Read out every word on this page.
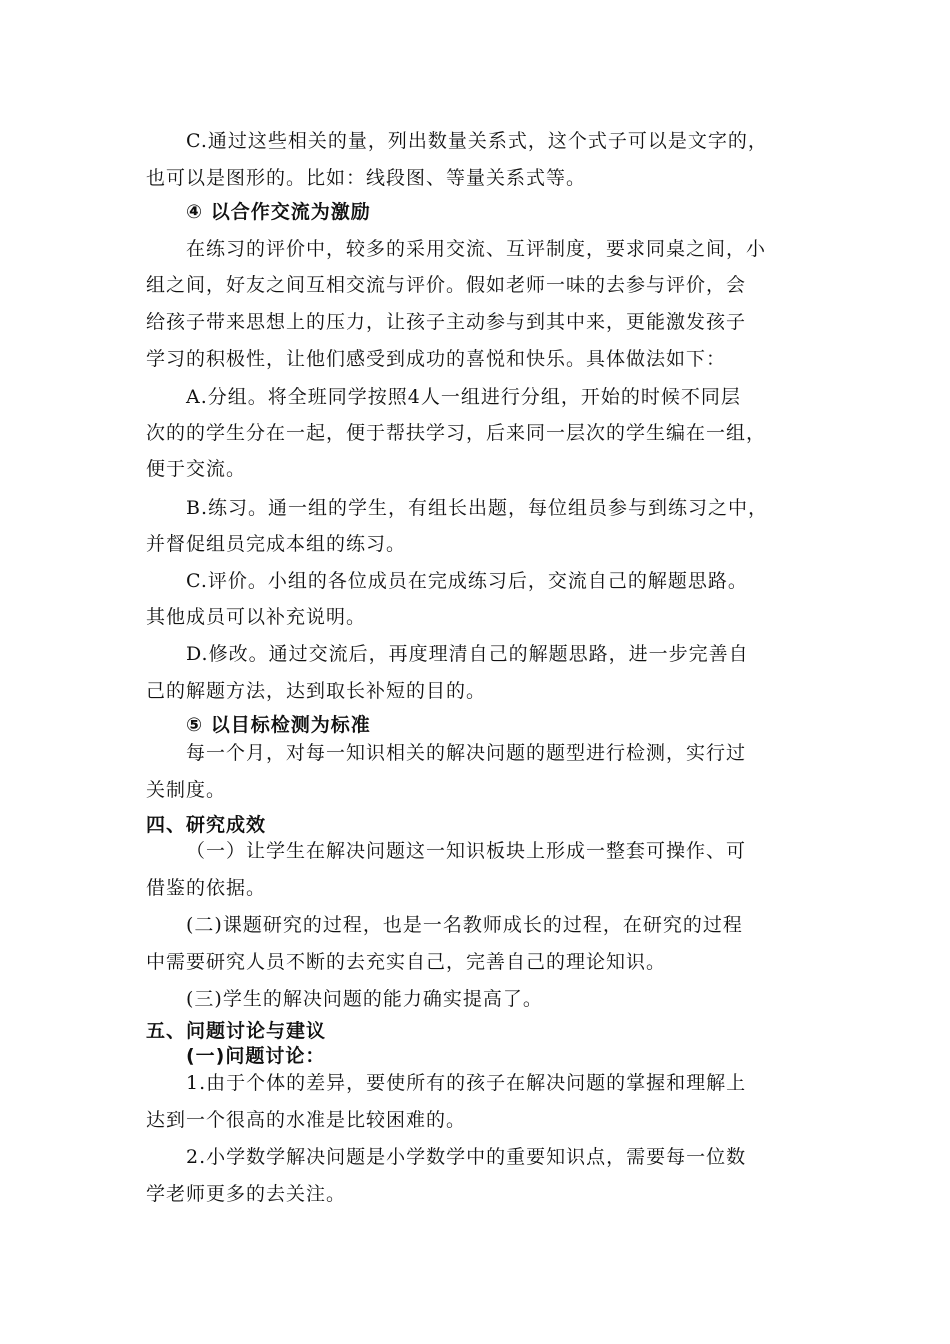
C.通过这些相关的量，列出数量关系式，这个式子可以是文字的，
也可以是图形的。比如：线段图、等量关系式等。
④ 以合作交流为激励
在练习的评价中，较多的采用交流、互评制度，要求同桌之间，小
组之间，好友之间互相交流与评价。假如老师一味的去参与评价，会
给孩子带来思想上的压力，让孩子主动参与到其中来，更能激发孩子
学习的积极性，让他们感受到成功的喜悦和快乐。具体做法如下：
A.分组。将全班同学按照4人一组进行分组，开始的时候不同层
次的的学生分在一起，便于帮扶学习，后来同一层次的学生编在一组，
便于交流。
B.练习。通一组的学生，有组长出题，每位组员参与到练习之中，
并督促组员完成本组的练习。
C.评价。小组的各位成员在完成练习后，交流自己的解题思路。
其他成员可以补充说明。
D.修改。通过交流后，再度理清自己的解题思路，进一步完善自
己的解题方法，达到取长补短的目的。
⑤ 以目标检测为标准
每一个月，对每一知识相关的解决问题的题型进行检测，实行过
关制度。
四、研究成效
（一）让学生在解决问题这一知识板块上形成一整套可操作、可
借鉴的依据。
(二)课题研究的过程，也是一名教师成长的过程，在研究的过程
中需要研究人员不断的去充实自己，完善自己的理论知识。
(三)学生的解决问题的能力确实提高了。
五、问题讨论与建议
(一)问题讨论：
1.由于个体的差异，要使所有的孩子在解决问题的掌握和理解上
达到一个很高的水准是比较困难的。
2.小学数学解决问题是小学数学中的重要知识点，需要每一位数
学老师更多的去关注。
